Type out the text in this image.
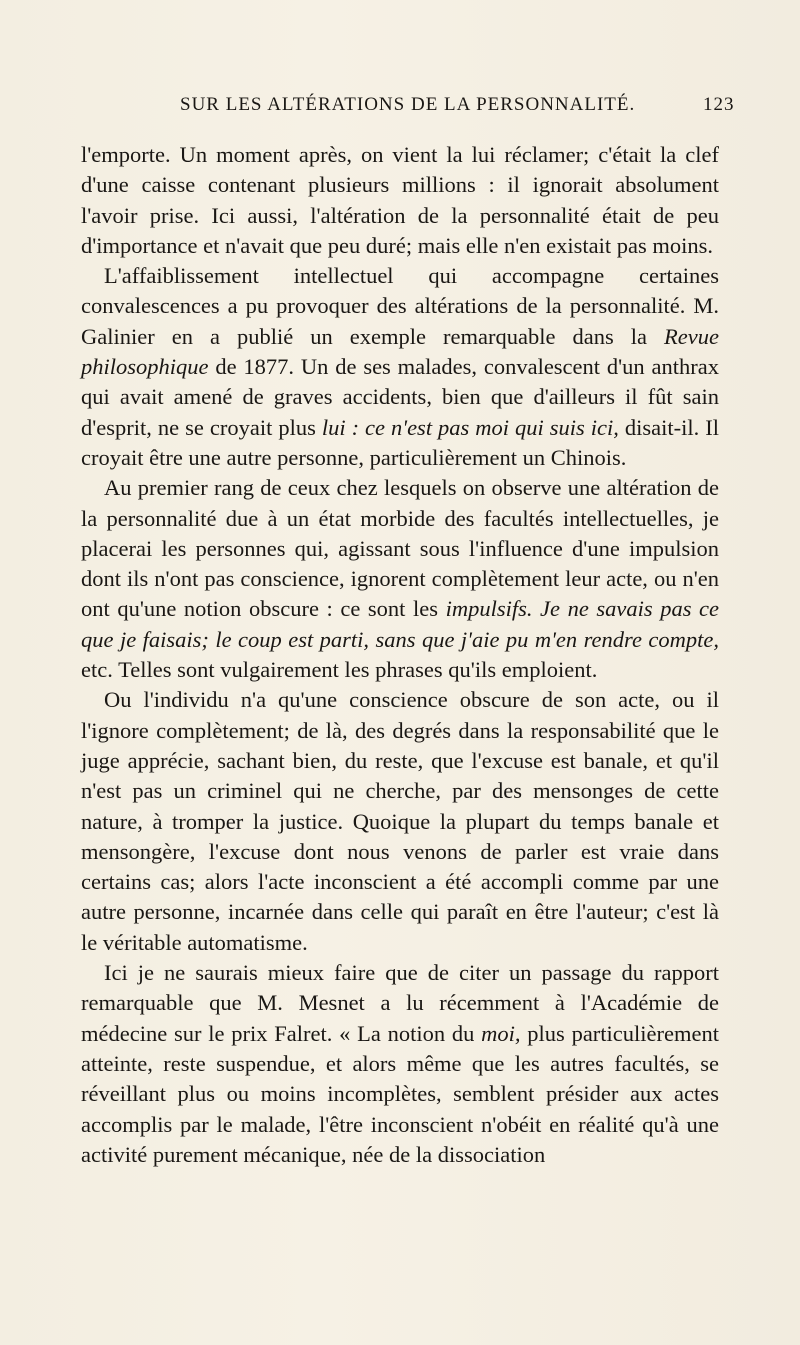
SUR LES ALTÉRATIONS DE LA PERSONNALITÉ.	123

l'emporte. Un moment après, on vient la lui réclamer; c'était la clef d'une caisse contenant plusieurs millions : il ignorait absolument l'avoir prise. Ici aussi, l'altération de la personnalité était de peu d'importance et n'avait que peu duré; mais elle n'en existait pas moins.

L'affaiblissement intellectuel qui accompagne certaines convalescences a pu provoquer des altérations de la personnalité. M. Galinier en a publié un exemple remarquable dans la Revue philosophique de 1877. Un de ses malades, convalescent d'un anthrax qui avait amené de graves accidents, bien que d'ailleurs il fût sain d'esprit, ne se croyait plus lui : ce n'est pas moi qui suis ici, disait-il. Il croyait être une autre personne, particulièrement un Chinois.

Au premier rang de ceux chez lesquels on observe une altération de la personnalité due à un état morbide des facultés intellectuelles, je placerai les personnes qui, agissant sous l'influence d'une impulsion dont ils n'ont pas conscience, ignorent complètement leur acte, ou n'en ont qu'une notion obscure : ce sont les impulsifs. Je ne savais pas ce que je faisais; le coup est parti, sans que j'aie pu m'en rendre compte, etc. Telles sont vulgairement les phrases qu'ils emploient.

Ou l'individu n'a qu'une conscience obscure de son acte, ou il l'ignore complètement; de là, des degrés dans la responsabilité que le juge apprécie, sachant bien, du reste, que l'excuse est banale, et qu'il n'est pas un criminel qui ne cherche, par des mensonges de cette nature, à tromper la justice. Quoique la plupart du temps banale et mensongère, l'excuse dont nous venons de parler est vraie dans certains cas; alors l'acte inconscient a été accompli comme par une autre personne, incarnée dans celle qui paraît en être l'auteur; c'est là le véritable automatisme.

Ici je ne saurais mieux faire que de citer un passage du rapport remarquable que M. Mesnet a lu récemment à l'Académie de médecine sur le prix Falret. « La notion du moi, plus particulièrement atteinte, reste suspendue, et alors même que les autres facultés, se réveillant plus ou moins incomplètes, semblent présider aux actes accomplis par le malade, l'être inconscient n'obéit en réalité qu'à une activité purement mécanique, née de la dissociation
